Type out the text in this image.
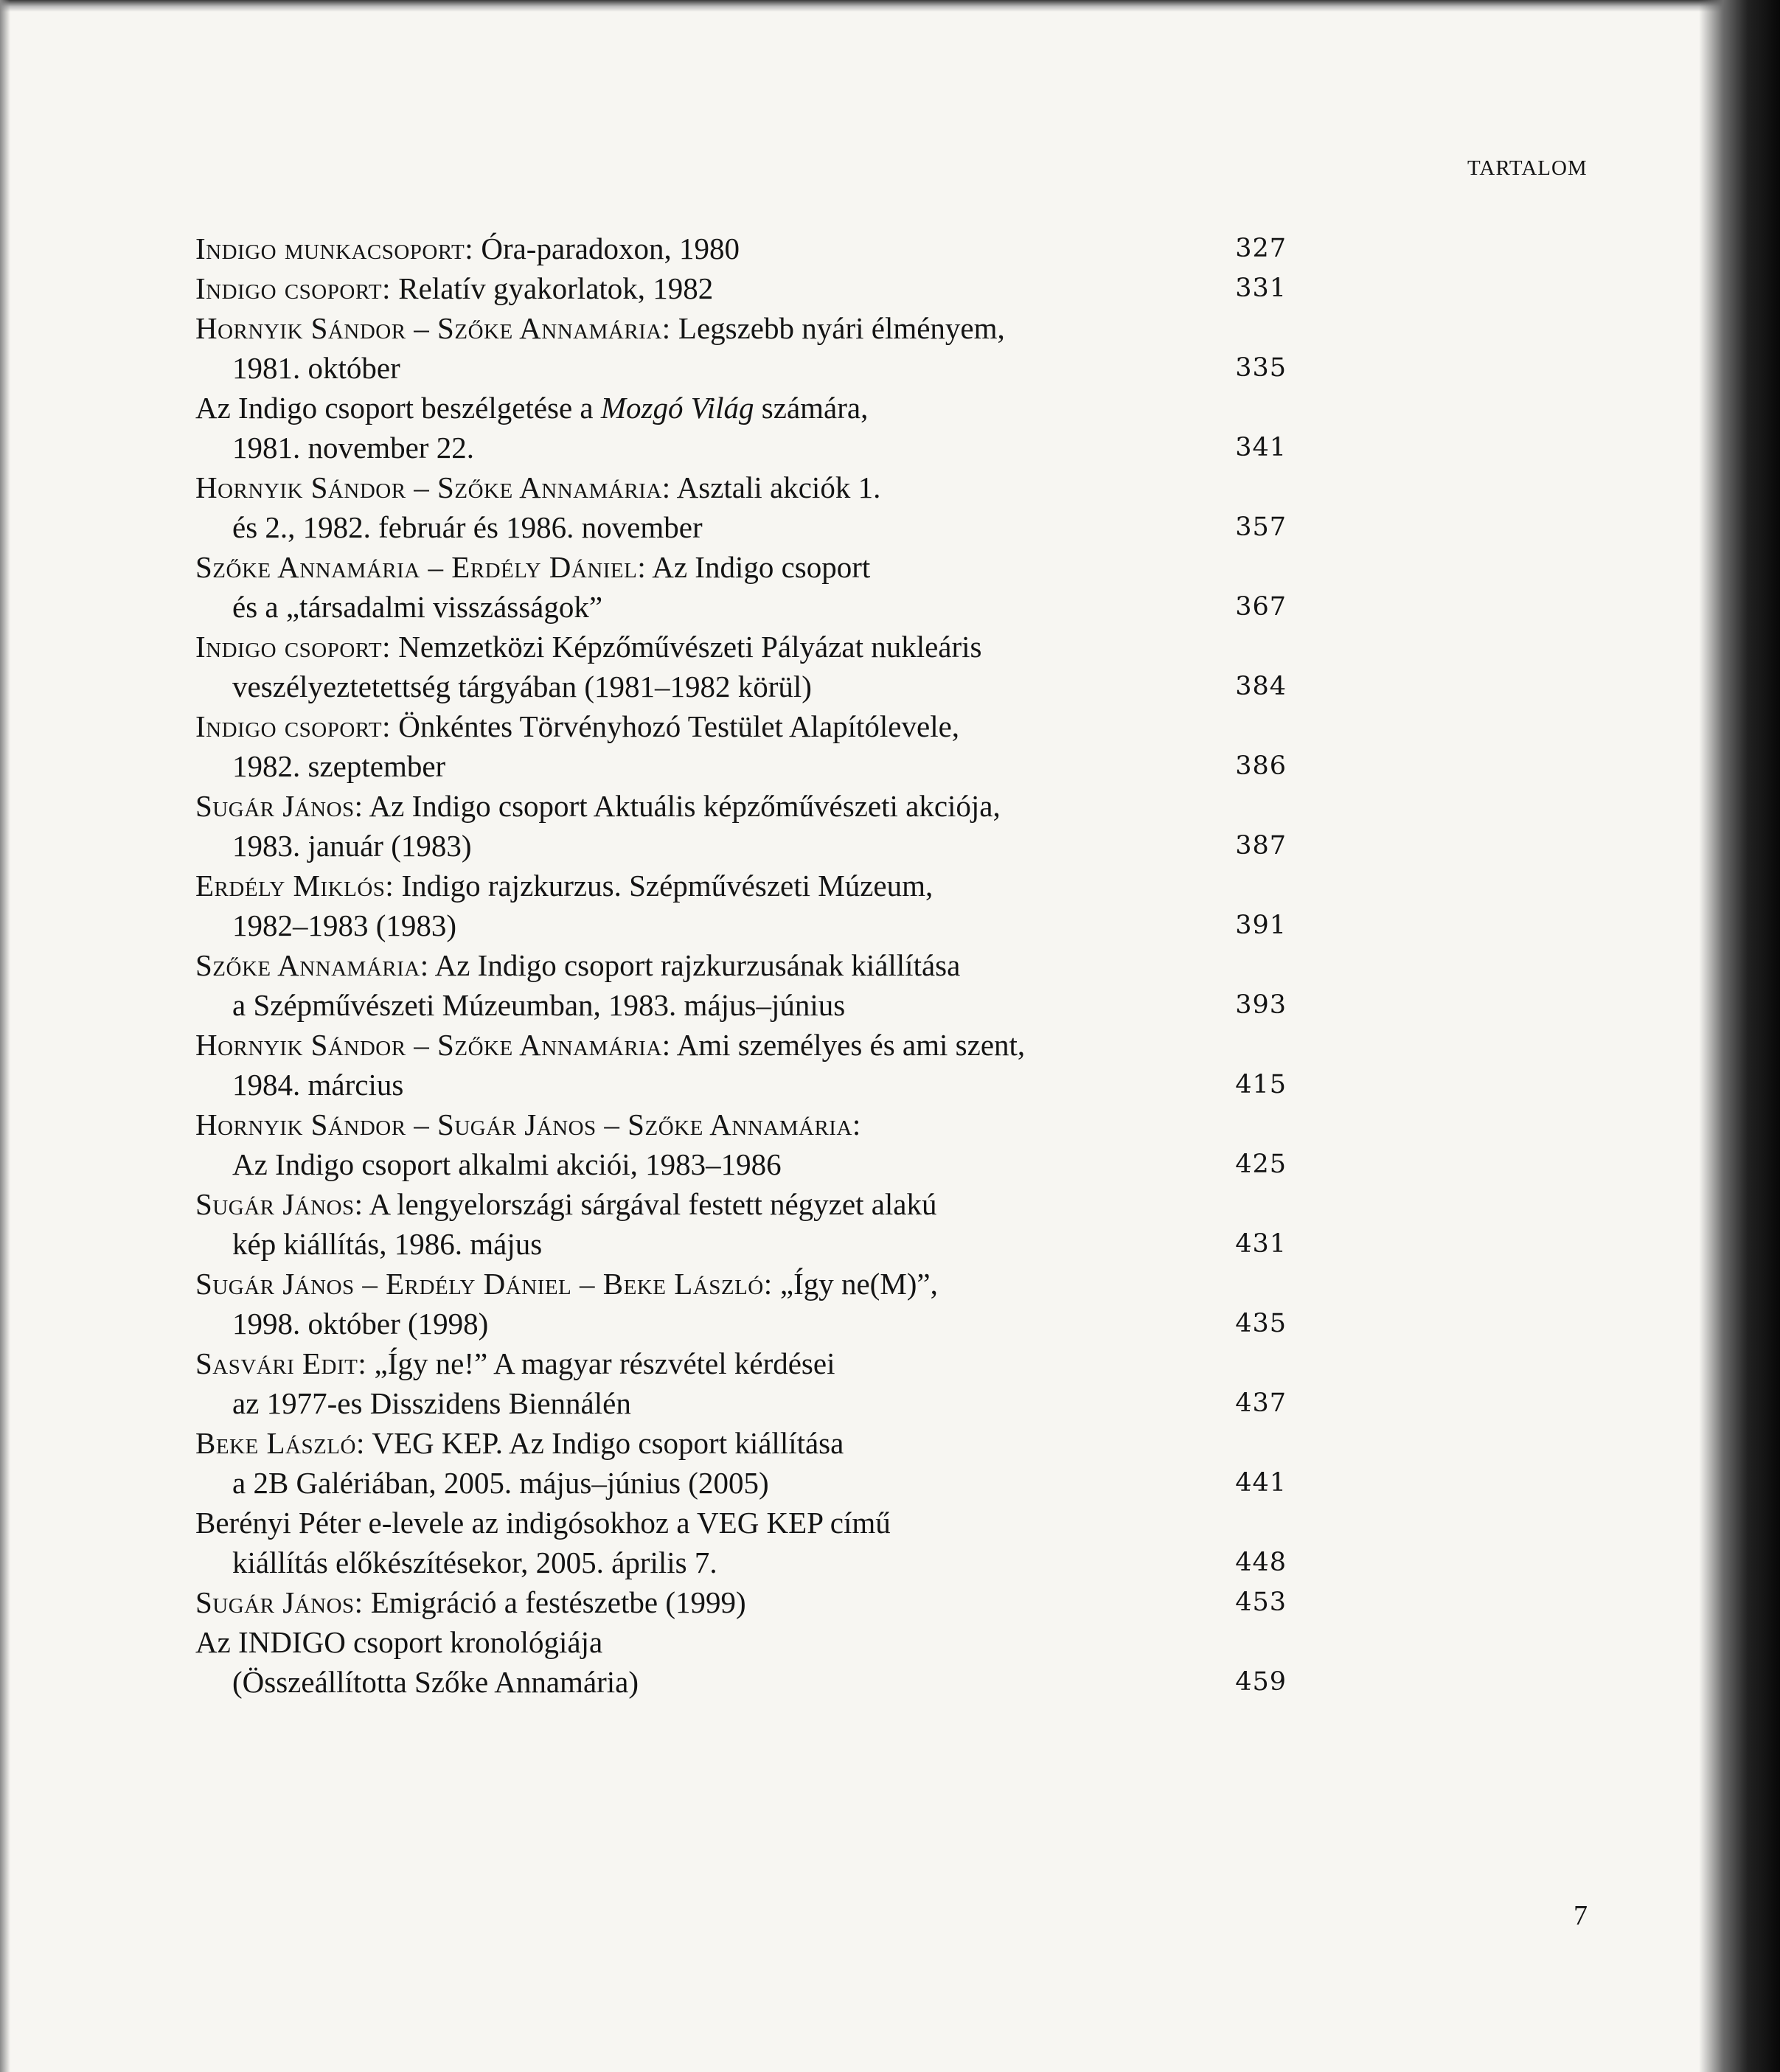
TARTALOM
Indigo munkacsoport: Óra-paradoxon, 1980	327
Indigo csoport: Relatív gyakorlatok, 1982	331
Hornyik Sándor – Szőke Annamária: Legszebb nyári élményem,
1981. október	335
Az Indigo csoport beszélgetése a Mozgó Világ számára,
1981. november 22.	341
Hornyik Sándor – Szőke Annamária: Asztali akciók 1.
és 2., 1982. február és 1986. november	357
Szőke Annamária – Erdély Dániel: Az Indigo csoport
és a „társadalmi visszásságok”	367
Indigo csoport: Nemzetközi Képzőművészeti Pályázat nukleáris
veszélyeztetettség tárgyában (1981–1982 körül)	384
Indigo csoport: Önkéntes Törvényhozó Testület Alapítólevele,
1982. szeptember	386
Sugár János: Az Indigo csoport Aktuális képzőművészeti akciója,
1983. január (1983)	387
Erdély Miklós: Indigo rajzkurzus. Szépművészeti Múzeum,
1982–1983 (1983)	391
Szőke Annamária: Az Indigo csoport rajzkurzusának kiállítása
a Szépművészeti Múzeumban, 1983. május–június	393
Hornyik Sándor – Szőke Annamária: Ami személyes és ami szent,
1984. március	415
Hornyik Sándor – Sugár János – Szőke Annamária:
Az Indigo csoport alkalmi akciói, 1983–1986	425
Sugár János: A lengyelországi sárgával festett négyzet alakú
kép kiállítás, 1986. május	431
Sugár János – Erdély Dániel – Beke László: „Így ne(M)”,
1998. október (1998)	435
Sasvári Edit: „Így ne!” A magyar részvétel kérdései
az 1977-es Disszidens Biennálén	437
Beke László: VEG KEP. Az Indigo csoport kiállítása
a 2B Galériában, 2005. május–június (2005)	441
Berényi Péter e-levele az indigósokhoz a VEG KEP című
kiállítás előkészítésekor, 2005. április 7.	448
Sugár János: Emigráció a festészetbe (1999)	453
Az INDIGO csoport kronológiája
(Összeállította Szőke Annamária)	459
7
